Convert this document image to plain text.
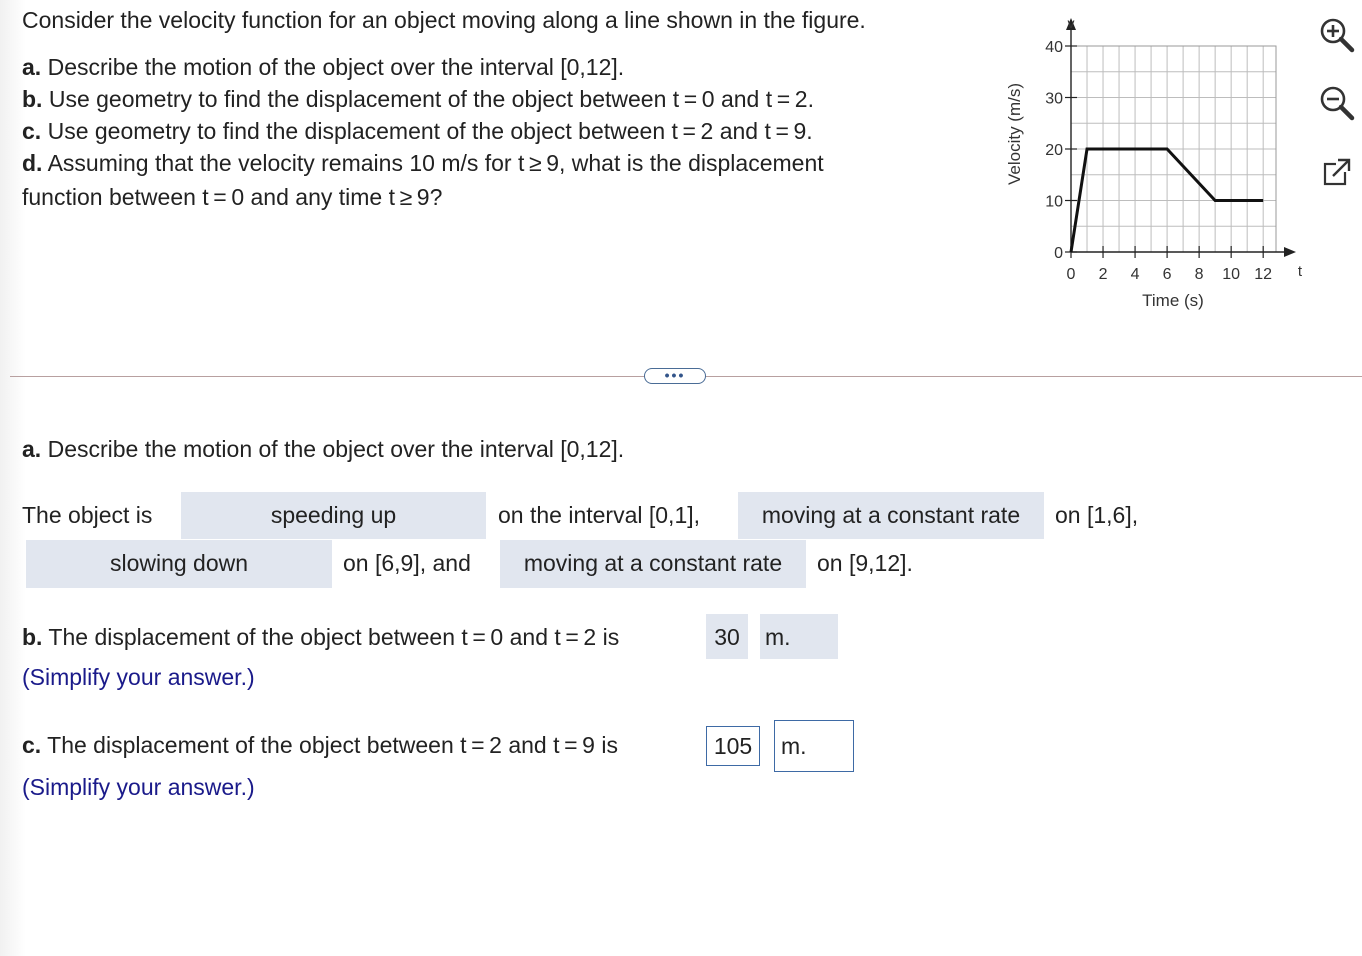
Consider the velocity function for an object moving along a line shown in the figure.
a. Describe the motion of the object over the interval [0,12].
b. Use geometry to find the displacement of the object between t = 0 and t = 2.
c. Use geometry to find the displacement of the object between t = 2 and t = 9.
d. Assuming that the velocity remains 10 m/s for t ≥ 9, what is the displacement
function between t = 0 and any time t ≥ 9?
0
10
20
30
40
0 2 4 6 8 10 12
v
t
Time (s)
Velocity (m/s)
•••
a. Describe the motion of the object over the interval [0,12].
The object is	speeding up	on the interval [0,1],	moving at a constant rate	on [1,6],
slowing down	on [6,9], and	moving at a constant rate	on [9,12].
b. The displacement of the object between t = 0 and t = 2 is	30	m.
(Simplify your answer.)
c. The displacement of the object between t = 2 and t = 9 is	105	m.
(Simplify your answer.)
